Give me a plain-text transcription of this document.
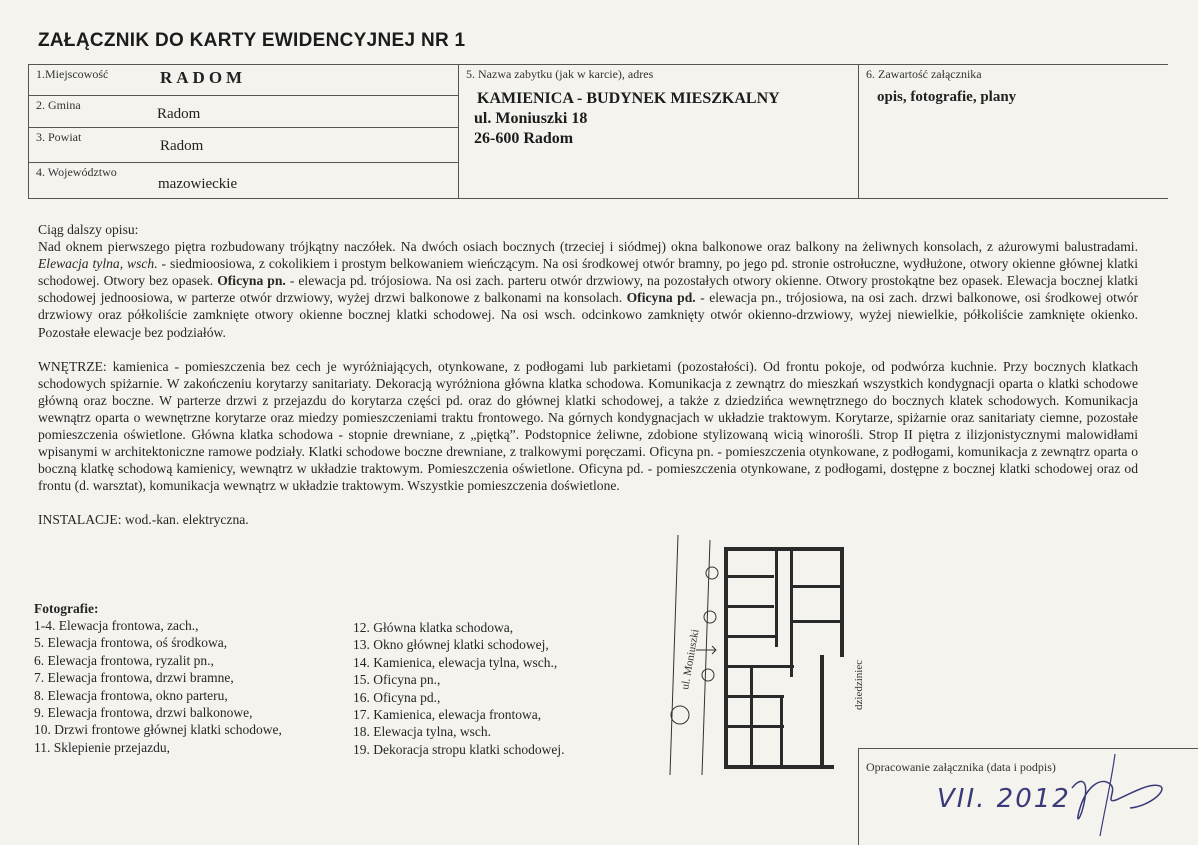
ZAŁĄCZNIK DO KARTY EWIDENCYJNEJ NR 1
1.Miejscowość	RADOM
2. Gmina
Radom
3. Powiat
Radom
4. Województwo
mazowieckie
5. Nazwa zabytku (jak w karcie), adres
KAMIENICA - BUDYNEK MIESZKALNY
ul. Moniuszki 18
26-600 Radom
6. Zawartość załącznika
opis, fotografie, plany

Ciąg dalszy opisu:

Nad oknem pierwszego piętra rozbudowany trójkątny naczółek. Na dwóch osiach bocznych (trzeciej i siódmej) okna balkonowe oraz balkony na żeliwnych konsolach, z ażurowymi balustradami. Elewacja tylna, wsch. - siedmioosiowa, z cokolikiem i prostym belkowaniem wieńczącym. Na osi środkowej otwór bramny, po jego pd. stronie ostrołuczne, wydłużone, otwory okienne głównej klatki schodowej. Otwory bez opasek. Oficyna pn. - elewacja pd. trójosiowa. Na osi zach. parteru otwór drzwiowy, na pozostałych otwory okienne. Otwory prostokątne bez opasek. Elewacja bocznej klatki schodowej jednoosiowa, w parterze otwór drzwiowy, wyżej drzwi balkonowe z balkonami na konsolach. Oficyna pd. - elewacja pn., trójosiowa, na osi zach. drzwi balkonowe, osi środkowej otwór drzwiowy oraz półkoliście zamknięte otwory okienne bocznej klatki schodowej. Na osi wsch. odcinkowo zamknięty otwór okienno-drzwiowy, wyżej niewielkie, półkoliście zamknięte okienko. Pozostałe elewacje bez podziałów.

WNĘTRZE: kamienica - pomieszczenia bez cech je wyróżniających, otynkowane, z podłogami lub parkietami (pozostałości). Od frontu pokoje, od podwórza kuchnie. Przy bocznych klatkach schodowych spiżarnie. W zakończeniu korytarzy sanitariaty. Dekoracją wyróżniona główna klatka schodowa. Komunikacja z zewnątrz do mieszkań wszystkich kondygnacji oparta o klatki schodowe główną oraz boczne. W parterze drzwi z przejazdu do korytarza części pd. oraz do głównej klatki schodowej, a także z dziedzińca wewnętrznego do bocznych klatek schodowych. Komunikacja wewnątrz oparta o wewnętrzne korytarze oraz miedzy pomieszczeniami traktu frontowego. Na górnych kondygnacjach w układzie traktowym. Korytarze, spiżarnie oraz sanitariaty ciemne, pozostałe pomieszczenia oświetlone. Główna klatka schodowa - stopnie drewniane, z „piętką”. Podstopnice żeliwne, zdobione stylizowaną wicią winorośli. Strop II piętra z ilizjonistycznymi malowidłami wpisanymi w architektoniczne ramowe podziały. Klatki schodowe boczne drewniane, z tralkowymi poręczami. Oficyna pn. - pomieszczenia otynkowane, z podłogami, komunikacja z zewnątrz oparta o boczną klatkę schodową kamienicy, wewnątrz w układzie traktowym. Pomieszczenia oświetlone. Oficyna pd. - pomieszczenia otynkowane, z podłogami, dostępne z bocznej klatki schodowej oraz od frontu (d. warsztat), komunikacja wewnątrz w układzie traktowym. Wszystkie pomieszczenia doświetlone.

INSTALACJE: wod.-kan. elektryczna.

Fotografie:
1-4. Elewacja frontowa, zach.,
5. Elewacja frontowa, oś środkowa,
6. Elewacja frontowa, ryzalit pn.,
7. Elewacja frontowa, drzwi bramne,
8. Elewacja frontowa, okno parteru,
9. Elewacja frontowa, drzwi balkonowe,
10. Drzwi frontowe głównej klatki schodowe,
11. Sklepienie przejazdu,
12. Główna klatka schodowa,
13. Okno głównej klatki schodowej,
14. Kamienica, elewacja tylna, wsch.,
15. Oficyna pn.,
16. Oficyna pd.,
17. Kamienica, elewacja frontowa,
18. Elewacja tylna, wsch.
19. Dekoracja stropu klatki schodowej.
ul. Moniuszki	dziedziniec
Opracowanie załącznika (data i podpis)
VII. 2012
